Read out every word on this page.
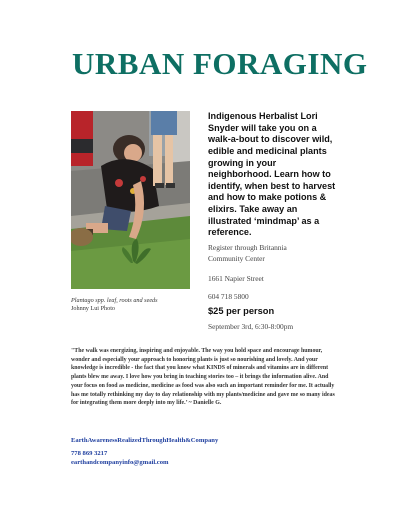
URBAN FORAGING
Plantago spp. leaf, roots and seeds
Johnny Lui Photo
Indigenous Herbalist Lori Snyder will take you on a walk-a-bout to discover wild, edible and medicinal plants growing in your neighborhood. Learn how to identify, when best to harvest and how to make potions & elixirs. Take away an illustrated ‘mindmap’ as a reference.
Register through Britannia Community Center
1661 Napier Street
604 718 5800
$25 per person
September 3rd, 6:30-8:00pm
"The walk was energizing, inspiring and enjoyable. The way you hold space and encourage humour, wonder and especially your approach to honoring plants is just so nourishing and lovely. And your knowledge is incredible - the fact that you know what KINDS of minerals and vitamins are in different plants blew me away. I love how you bring in teaching stories too – it brings the information alive. And your focus on food as medicine, medicine as food was also such an important reminder for me. It actually has me totally rethinking my day to day relationship with my plants/medicine and gave me so many ideas for integrating them more deeply into my life.’ ~ Danielle G.
EarthAwarenessRealizedThroughHealth&Company
778 869 3217
earthandcompanyinfo@gmail.com
